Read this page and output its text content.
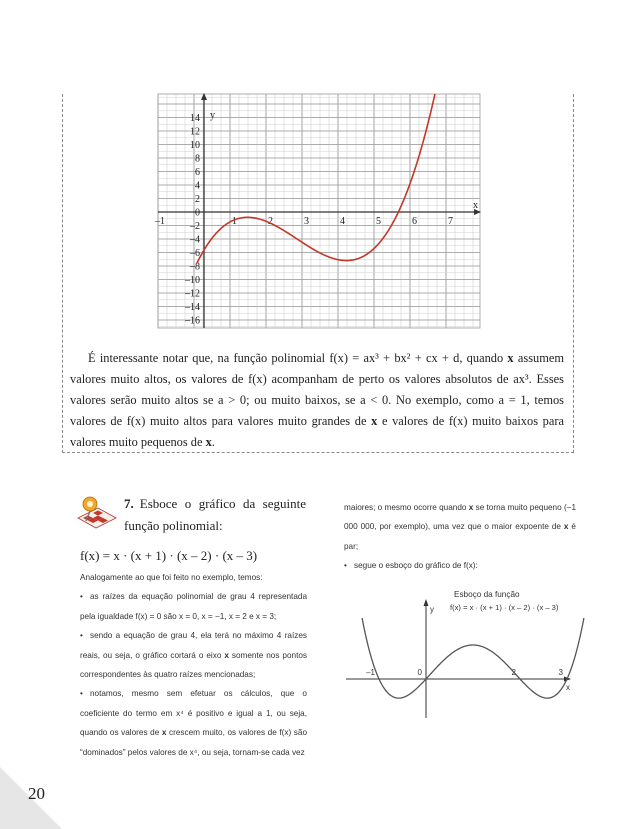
y
x
14
12
10
8
6
4
2
0
–2
–4
–6
–8
–10
–12
–14
–16
–1	1	2	3	4	5	6	7

É interessante notar que, na função polinomial f(x) = ax³ + bx² + cx + d, quando x assumem valores muito altos, os valores de f(x) acompanham de perto os valores absolutos de ax³. Esses valores serão muito altos se a > 0; ou muito baixos, se a < 0. No exemplo, como a = 1, temos valores de f(x) muito altos para valores muito grandes de x e valores de f(x) muito baixos para valores muito pequenos de x.

7. Esboce o gráfico da seguinte função polinomial:

f(x) = x · (x + 1) · (x – 2) · (x – 3)

Analogamente ao que foi feito no exemplo, temos:

• as raízes da equação polinomial de grau 4 representada pela igualdade f(x) = 0 são x = 0, x = −1, x = 2 e x = 3;

• sendo a equação de grau 4, ela terá no máximo 4 raízes reais, ou seja, o gráfico cortará o eixo x somente nos pontos correspondentes às quatro raízes mencionadas;

• notamos, mesmo sem efetuar os cálculos, que o coeficiente do termo em x⁴ é positivo e igual a 1, ou seja, quando os valores de x crescem muito, os valores de f(x) são “dominados” pelos valores de x⁴, ou seja, tornam-se cada vez

maiores; o mesmo ocorre quando x se torna muito pequeno (−1 000 000, por exemplo), uma vez que o maior expoente de x é par;

• segue o esboço do gráfico de f(x):

Esboço da função
f(x) = x · (x + 1) · (x – 2) · (x – 3)
y
x
–1	0	2	3

20
